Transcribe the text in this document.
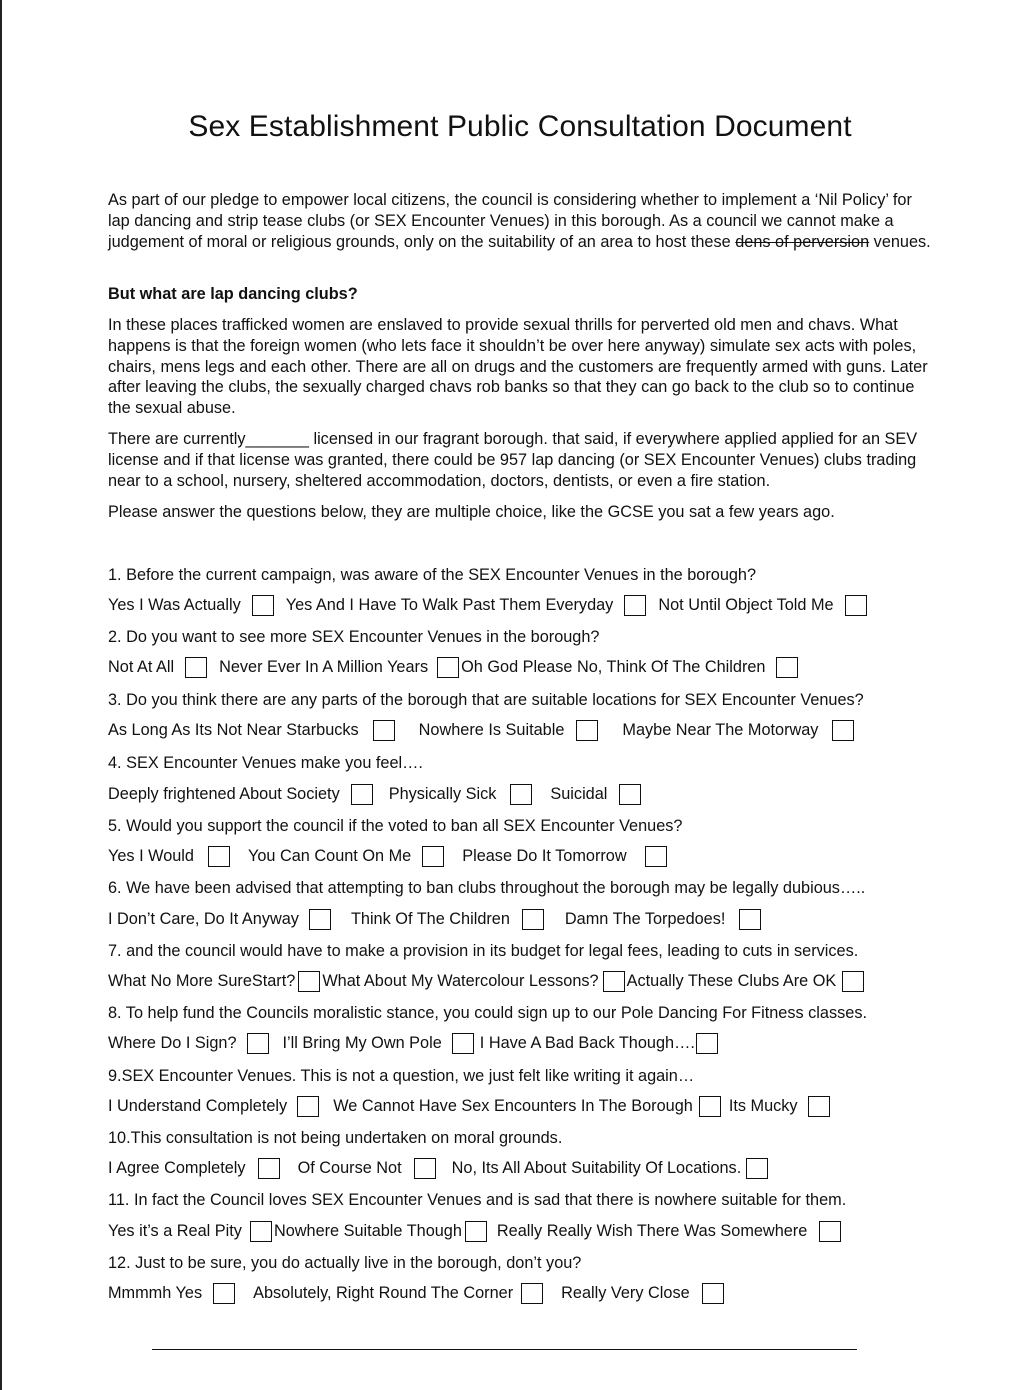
Sex Establishment Public Consultation Document
As part of our pledge to empower local citizens, the council is considering whether to implement a ‘Nil Policy’ for lap dancing and strip tease clubs (or SEX Encounter Venues) in this borough. As a council we cannot make a judgement of moral or religious grounds, only on the suitability of an area to host these dens of perversion venues.
But what are lap dancing clubs?
In these places trafficked women are enslaved to provide sexual thrills for perverted old men and chavs. What happens is that the foreign women (who lets face it shouldn’t be over here anyway) simulate sex acts with poles, chairs, mens legs and each other. There are all on drugs and the customers are frequently armed with guns. Later after leaving the clubs, the sexually charged chavs rob banks so that they can go back to the club so to continue the sexual abuse.
There are currently_______ licensed in our fragrant borough. that said, if everywhere applied applied for an SEV license and if that license was granted, there could be 957 lap dancing (or SEX Encounter Venues) clubs trading near to a school, nursery, sheltered accommodation, doctors, dentists, or even a fire station.
Please answer the questions below, they are multiple choice, like the GCSE you sat a few years ago.
1. Before the current campaign, was aware of the SEX Encounter Venues in the borough?
Yes I Was Actually	Yes And I Have To Walk Past Them Everyday	Not Until Object Told Me
2. Do you want to see more SEX Encounter Venues in the borough?
Not At All	Never Ever In A Million Years Oh God Please No, Think Of The Children
3. Do you think there are any parts of the borough that are suitable locations for SEX Encounter Venues?
As Long As Its Not Near Starbucks	Nowhere Is Suitable	Maybe Near The Motorway
4. SEX Encounter Venues make you feel….
Deeply frightened About Society	Physically Sick	Suicidal
5. Would you support the council if the voted to ban all SEX Encounter Venues?
Yes I Would	You Can Count On Me	Please Do It Tomorrow
6. We have been advised that attempting to ban clubs throughout the borough may be legally dubious…..
I Don’t Care, Do It Anyway	Think Of The Children	Damn The Torpedoes!
7. and the council would have to make a provision in its budget for legal fees, leading to cuts in services.
What No More SureStart? What About My Watercolour Lessons? Actually These Clubs Are OK
8. To help fund the Councils moralistic stance, you could sign up to our Pole Dancing For Fitness classes.
Where Do I Sign?	I’ll Bring My Own Pole I Have A Bad Back Though….
9.SEX Encounter Venues. This is not a question, we just felt like writing it again…
I Understand Completely	We Cannot Have Sex Encounters In The Borough Its Mucky
10.This consultation is not being undertaken on moral grounds.
I Agree Completely	Of Course Not	No, Its All About Suitability Of Locations.
11. In fact the Council loves SEX Encounter Venues and is sad that there is nowhere suitable for them.
Yes it’s a Real Pity Nowhere Suitable Though Really Really Wish There Was Somewhere
12. Just to be sure, you do actually live in the borough, don’t you?
Mmmmh Yes	Absolutely, Right Round The Corner	Really Very Close
